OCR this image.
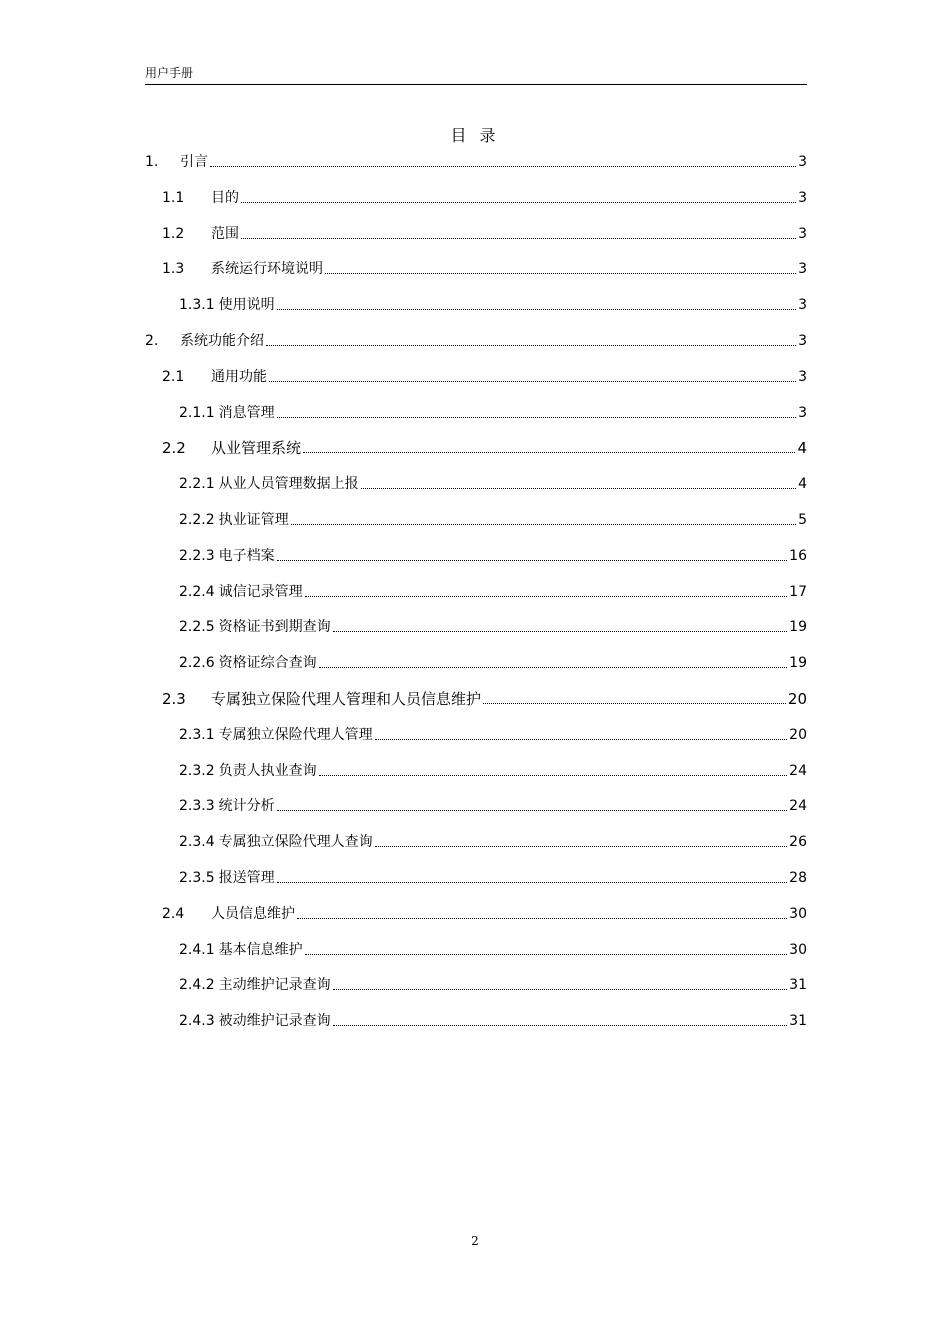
用户手册
目 录
1.	引言	3
1.1	目的	3
1.2	范围	3
1.3	系统运行环境说明	3
1.3.1 使用说明	3
2.	系统功能介绍	3
2.1	通用功能	3
2.1.1 消息管理	3
2.2	从业管理系统	4
2.2.1 从业人员管理数据上报	4
2.2.2 执业证管理	5
2.2.3 电子档案	16
2.2.4 诚信记录管理	17
2.2.5 资格证书到期查询	19
2.2.6 资格证综合查询	19
2.3	专属独立保险代理人管理和人员信息维护	20
2.3.1 专属独立保险代理人管理	20
2.3.2 负责人执业查询	24
2.3.3 统计分析	24
2.3.4 专属独立保险代理人查询	26
2.3.5 报送管理	28
2.4	人员信息维护	30
2.4.1 基本信息维护	30
2.4.2 主动维护记录查询	31
2.4.3 被动维护记录查询	31
2
